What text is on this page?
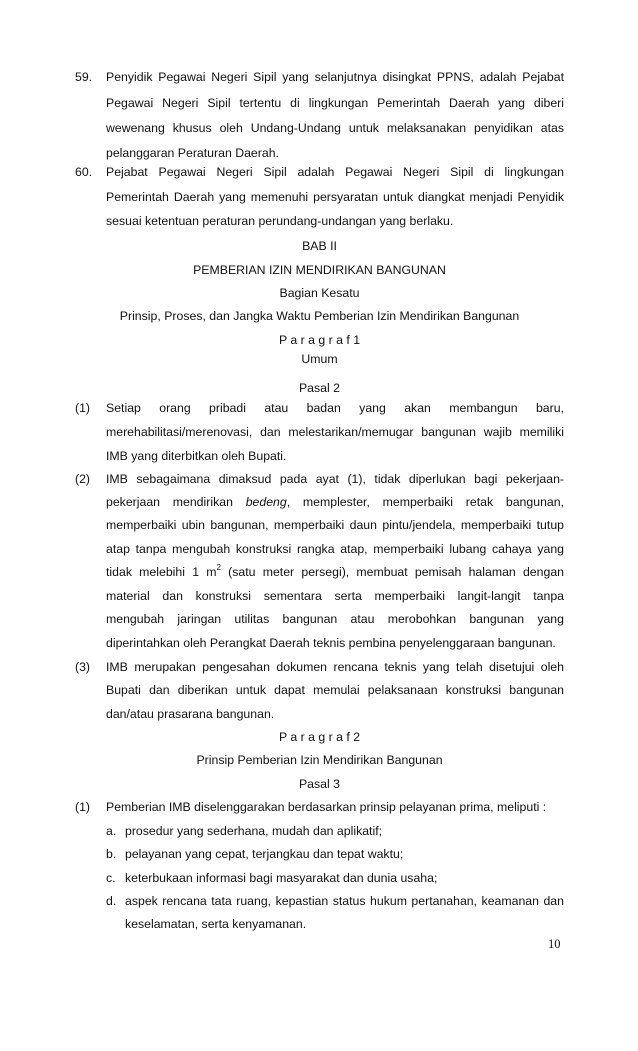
59. Penyidik Pegawai Negeri Sipil yang selanjutnya disingkat PPNS, adalah Pejabat
Pegawai Negeri Sipil tertentu di lingkungan Pemerintah Daerah yang diberi
wewenang khusus oleh Undang-Undang untuk melaksanakan penyidikan atas
pelanggaran Peraturan Daerah.
60. Pejabat Pegawai Negeri Sipil adalah Pegawai Negeri Sipil di lingkungan
Pemerintah Daerah yang memenuhi persyaratan untuk diangkat menjadi Penyidik
sesuai ketentuan peraturan perundang-undangan yang berlaku.
BAB II
PEMBERIAN IZIN MENDIRIKAN BANGUNAN
Bagian Kesatu
Prinsip, Proses, dan Jangka Waktu Pemberian Izin Mendirikan Bangunan
P a r a g r a f 1
Umum
Pasal 2
(1) Setiap orang pribadi atau badan yang akan membangun baru,
merehabilitasi/merenovasi, dan melestarikan/memugar bangunan wajib memiliki
IMB yang diterbitkan oleh Bupati.
(2) IMB sebagaimana dimaksud pada ayat (1), tidak diperlukan bagi pekerjaan-
pekerjaan mendirikan bedeng, memplester, memperbaiki retak bangunan,
memperbaiki ubin bangunan, memperbaiki daun pintu/jendela, memperbaiki tutup
atap tanpa mengubah konstruksi rangka atap, memperbaiki lubang cahaya yang
tidak melebihi 1 $m^2$ (satu meter persegi), membuat pemisah halaman dengan
material dan konstruksi sementara serta memperbaiki langit-langit tanpa
mengubah jaringan utilitas bangunan atau merobohkan bangunan yang
diperintahkan oleh Perangkat Daerah teknis pembina penyelenggaraan bangunan.
(3) IMB merupakan pengesahan dokumen rencana teknis yang telah disetujui oleh
Bupati dan diberikan untuk dapat memulai pelaksanaan konstruksi bangunan
dan/atau prasarana bangunan.
P a r a g r a f 2
Prinsip Pemberian Izin Mendirikan Bangunan
Pasal 3
(1) Pemberian IMB diselenggarakan berdasarkan prinsip pelayanan prima, meliputi :
a. prosedur yang sederhana, mudah dan aplikatif;
b. pelayanan yang cepat, terjangkau dan tepat waktu;
c. keterbukaan informasi bagi masyarakat dan dunia usaha;
d. aspek rencana tata ruang, kepastian status hukum pertanahan, keamanan dan
keselamatan, serta kenyamanan.
10
